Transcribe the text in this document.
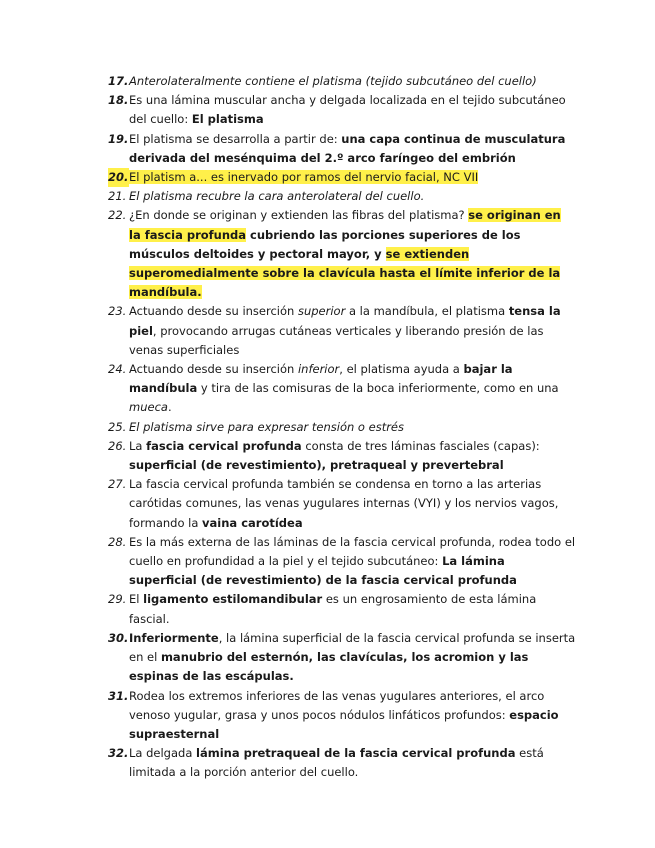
17. Anterolateralmente contiene el platisma (tejido subcutáneo del cuello)
18. Es una lámina muscular ancha y delgada localizada en el tejido subcutáneo del cuello: El platisma
19. El platisma se desarrolla a partir de: una capa continua de musculatura derivada del mesénquima del 2.º arco faríngeo del embrión
20. El platism a... es inervado por ramos del nervio facial, NC VII
21. El platisma recubre la cara anterolateral del cuello.
22. ¿En donde se originan y extienden las fibras del platisma? se originan en la fascia profunda cubriendo las porciones superiores de los músculos deltoides y pectoral mayor, y se extienden superomedialmente sobre la clavícula hasta el límite inferior de la mandíbula.
23. Actuando desde su inserción superior a la mandíbula, el platisma tensa la piel, provocando arrugas cutáneas verticales y liberando presión de las venas superficiales
24. Actuando desde su inserción inferior, el platisma ayuda a bajar la mandíbula y tira de las comisuras de la boca inferiormente, como en una mueca.
25. El platisma sirve para expresar tensión o estrés
26. La fascia cervical profunda consta de tres láminas fasciales (capas): superficial (de revestimiento), pretraqueal y prevertebral
27. La fascia cervical profunda también se condensa en torno a las arterias carótidas comunes, las venas yugulares internas (VYI) y los nervios vagos, formando la vaina carotídea
28. Es la más externa de las láminas de la fascia cervical profunda, rodea todo el cuello en profundidad a la piel y el tejido subcutáneo: La lámina superficial (de revestimiento) de la fascia cervical profunda
29. El ligamento estilomandibular es un engrosamiento de esta lámina fascial.
30. Inferiormente, la lámina superficial de la fascia cervical profunda se inserta en el manubrio del esternón, las clavículas, los acromion y las espinas de las escápulas.
31. Rodea los extremos inferiores de las venas yugulares anteriores, el arco venoso yugular, grasa y unos pocos nódulos linfáticos profundos: espacio supraesternal
32. La delgada lámina pretraqueal de la fascia cervical profunda está limitada a la porción anterior del cuello.
